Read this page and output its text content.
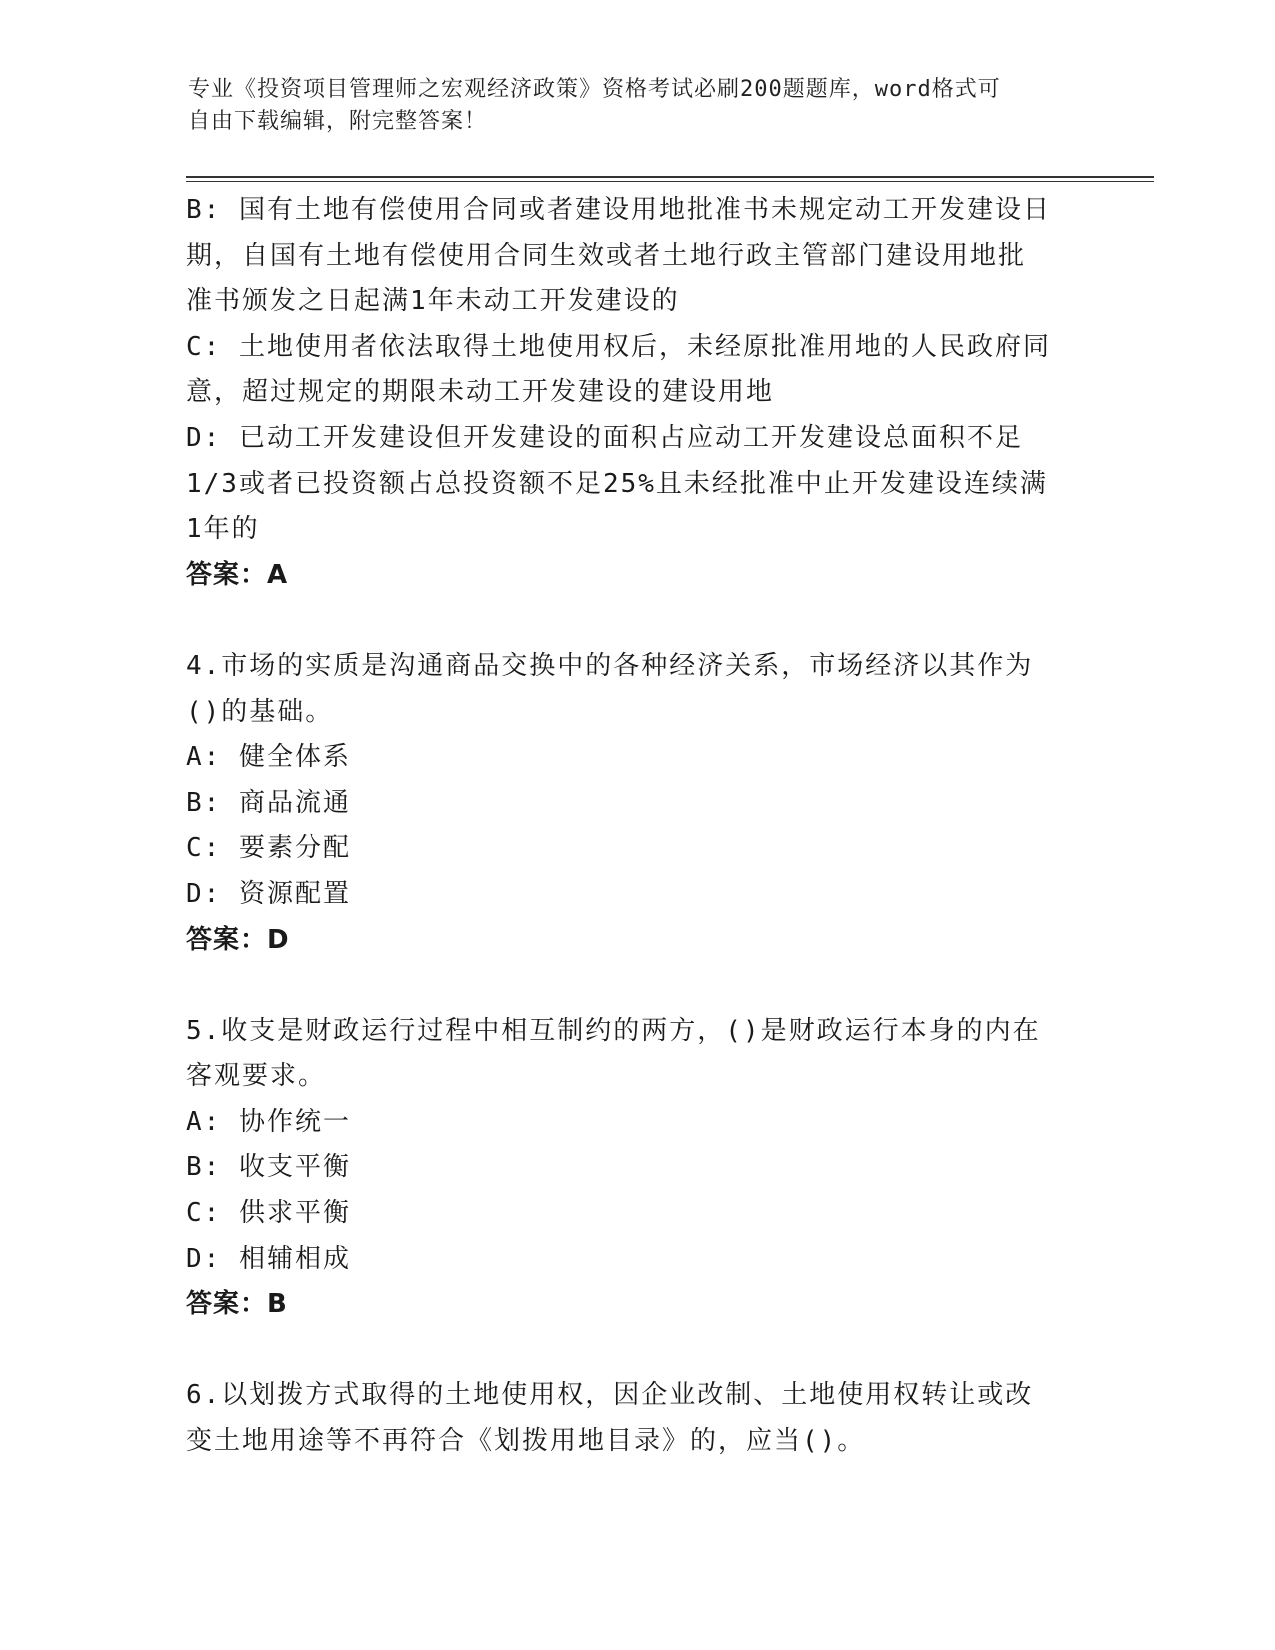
专业《投资项目管理师之宏观经济政策》资格考试必刷200题题库，word格式可
自由下载编辑，附完整答案！
B: 国有土地有偿使用合同或者建设用地批准书未规定动工开发建设日
期，自国有土地有偿使用合同生效或者土地行政主管部门建设用地批
准书颁发之日起满1年未动工开发建设的
C: 土地使用者依法取得土地使用权后，未经原批准用地的人民政府同
意，超过规定的期限未动工开发建设的建设用地
D: 已动工开发建设但开发建设的面积占应动工开发建设总面积不足
1/3或者已投资额占总投资额不足25%且未经批准中止开发建设连续满
1年的
答案：A
4.市场的实质是沟通商品交换中的各种经济关系，市场经济以其作为
()的基础。
A: 健全体系
B: 商品流通
C: 要素分配
D: 资源配置
答案：D
5.收支是财政运行过程中相互制约的两方，()是财政运行本身的内在
客观要求。
A: 协作统一
B: 收支平衡
C: 供求平衡
D: 相辅相成
答案：B
6.以划拨方式取得的土地使用权，因企业改制、土地使用权转让或改
变土地用途等不再符合《划拨用地目录》的，应当()。
